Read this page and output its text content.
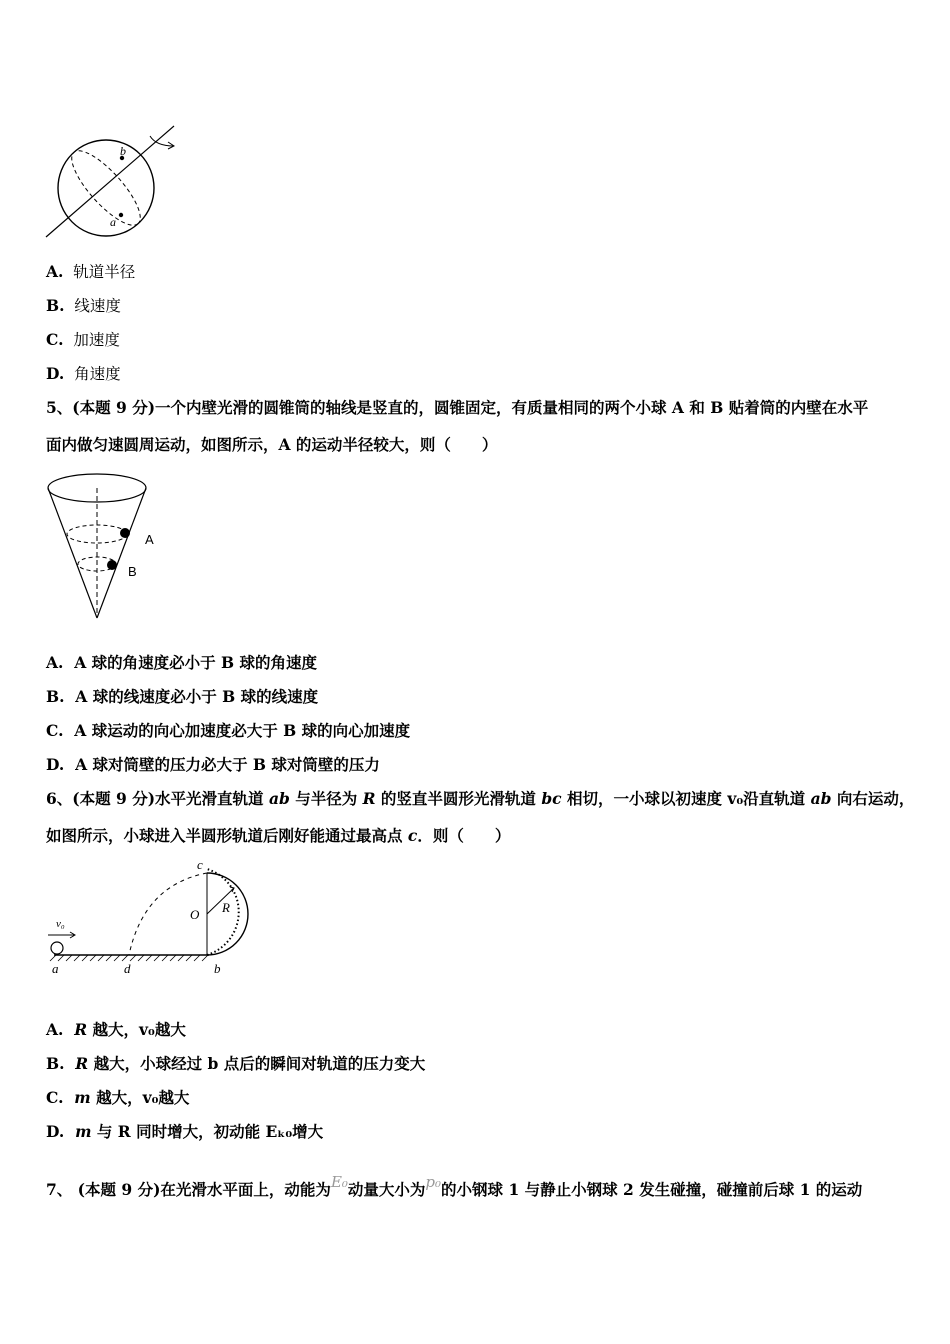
b
a
A. 轨道半径
B. 线速度
C. 加速度
D. 角速度
5、(本题 9 分)一个内壁光滑的圆锥筒的轴线是竖直的，圆锥固定，有质量相同的两个小球 A 和 B 贴着筒的内壁在水平
面内做匀速圆周运动，如图所示，A 的运动半径较大，则（　　）
A
B
A. A 球的角速度必小于 B 球的角速度
B. A 球的线速度必小于 B 球的线速度
C. A 球运动的向心加速度必大于 B 球的向心加速度
D. A 球对筒壁的压力必大于 B 球对筒壁的压力
6、(本题 9 分)水平光滑直轨道 ab 与半径为 R 的竖直半圆形光滑轨道 bc 相切，一小球以初速度 v₀沿直轨道 ab 向右运动，
如图所示，小球进入半圆形轨道后刚好能通过最高点 c．则（　　）
v₀
c
O R
a	d	b
A. R 越大，v₀越大
B. R 越大，小球经过 b 点后的瞬间对轨道的压力变大
C. m 越大，v₀越大
D. m 与 R 同时增大，初动能 Eₖ₀增大
7、 (本题 9 分)在光滑水平面上，动能为E₀动量大小为p₀的小钢球 1 与静止小钢球 2 发生碰撞，碰撞前后球 1 的运动
